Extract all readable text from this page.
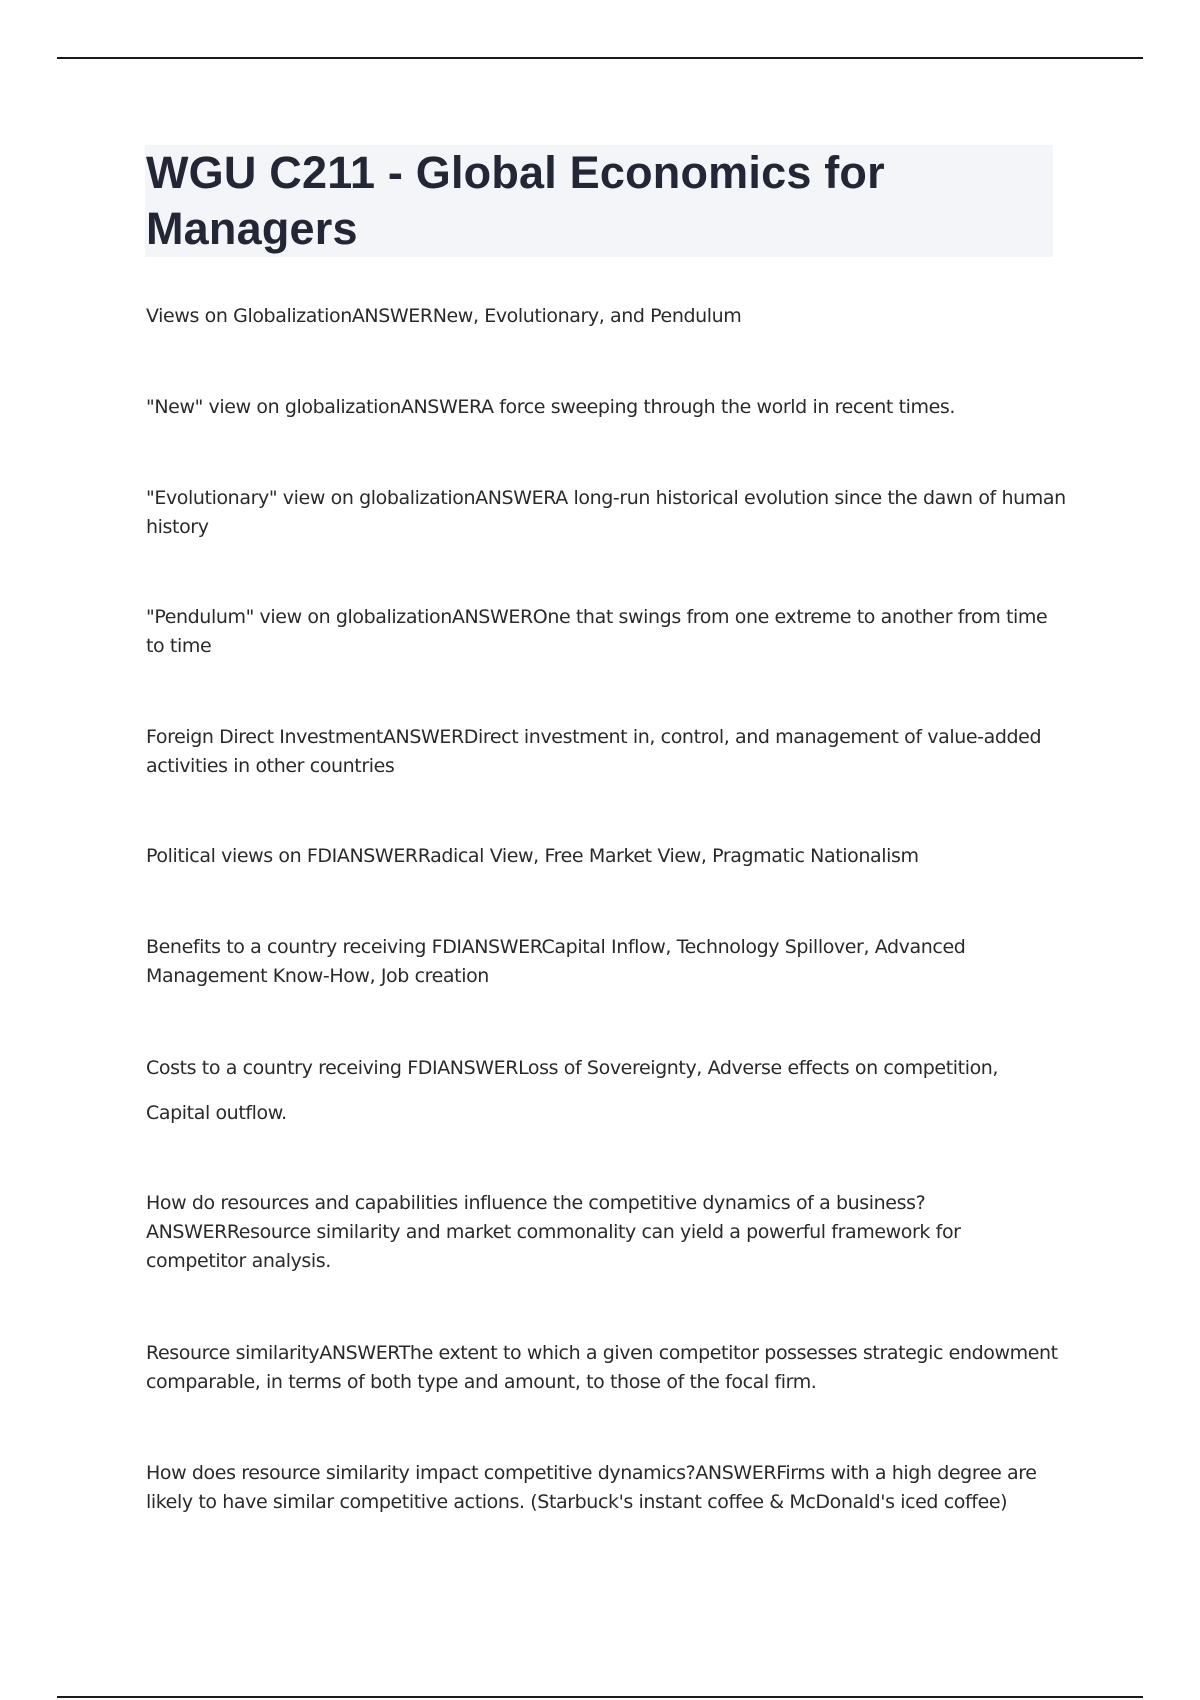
WGU C211 - Global Economics for Managers

Views on GlobalizationANSWERNew, Evolutionary, and Pendulum

"New" view on globalizationANSWERA force sweeping through the world in recent times.

"Evolutionary" view on globalizationANSWERA long-run historical evolution since the dawn of human history

"Pendulum" view on globalizationANSWEROne that swings from one extreme to another from time to time

Foreign Direct InvestmentANSWERDirect investment in, control, and management of value-added activities in other countries

Political views on FDIANSWERRadical View, Free Market View, Pragmatic Nationalism

Benefits to a country receiving FDIANSWERCapital Inflow, Technology Spillover, Advanced Management Know-How, Job creation

Costs to a country receiving FDIANSWERLoss of Sovereignty, Adverse effects on competition,

Capital outflow.

How do resources and capabilities influence the competitive dynamics of a business? ANSWERResource similarity and market commonality can yield a powerful framework for competitor analysis.

Resource similarityANSWERThe extent to which a given competitor possesses strategic endowment comparable, in terms of both type and amount, to those of the focal firm.

How does resource similarity impact competitive dynamics?ANSWERFirms with a high degree are likely to have similar competitive actions. (Starbuck's instant coffee & McDonald's iced coffee)
